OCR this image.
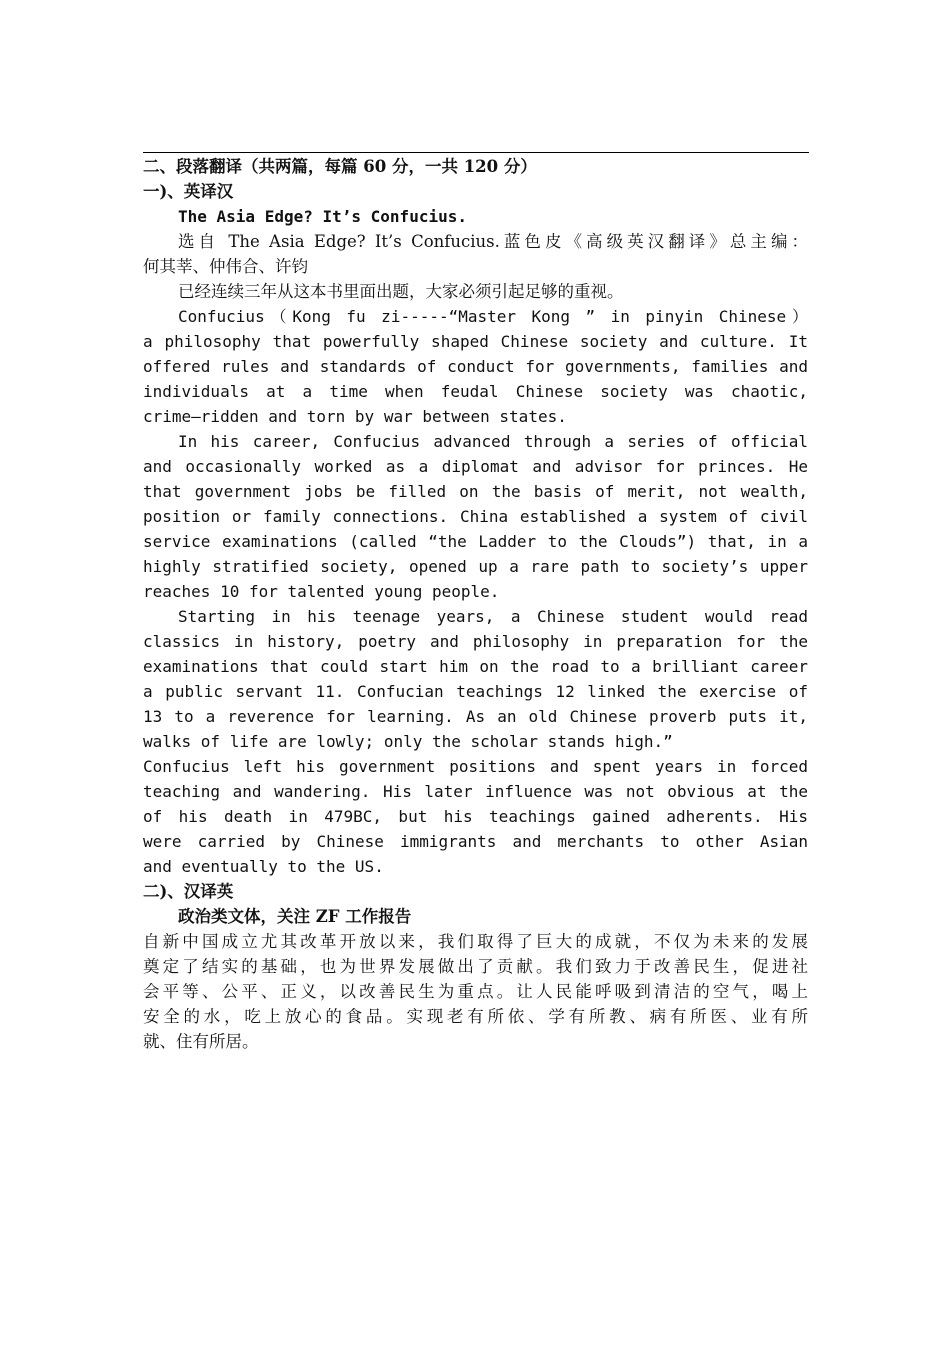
二、段落翻译（共两篇，每篇 60 分，一共 120 分）
一)、英译汉
The Asia Edge? It’s Confucius.
选自 The Asia Edge? It’s Confucius.蓝色皮《高级英汉翻译》总主编：
何其莘、仲伟合、许钧
已经连续三年从这本书里面出题，大家必须引起足够的重视。
Confucius（Kong fu zi-----“Master Kong ” in pinyin Chinese）
a philosophy that powerfully shaped Chinese society and culture. It
offered rules and standards of conduct for governments, families and
individuals at a time when feudal Chinese society was chaotic,
crime—ridden and torn by war between states.
In his career, Confucius advanced through a series of official
and occasionally worked as a diplomat and advisor for princes. He
that government jobs be filled on the basis of merit, not wealth,
position or family connections. China established a system of civil
service examinations (called “the Ladder to the Clouds”) that, in a
highly stratified society, opened up a rare path to society’s upper
reaches 10 for talented young people.
Starting in his teenage years, a Chinese student would read
classics in history, poetry and philosophy in preparation for the
examinations that could start him on the road to a brilliant career
a public servant 11. Confucian teachings 12 linked the exercise of
13 to a reverence for learning. As an old Chinese proverb puts it,
walks of life are lowly; only the scholar stands high.”
Confucius left his government positions and spent years in forced
teaching and wandering. His later influence was not obvious at the
of his death in 479BC, but his teachings gained adherents. His
were carried by Chinese immigrants and merchants to other Asian
and eventually to the US.
二)、汉译英
政治类文体，关注 ZF 工作报告
自新中国成立尤其改革开放以来，我们取得了巨大的成就，不仅为未来的发展
奠定了结实的基础，也为世界发展做出了贡献。我们致力于改善民生，促进社
会平等、公平、正义，以改善民生为重点。让人民能呼吸到清洁的空气，喝上
安全的水，吃上放心的食品。实现老有所依、学有所教、病有所医、业有所
就、住有所居。
